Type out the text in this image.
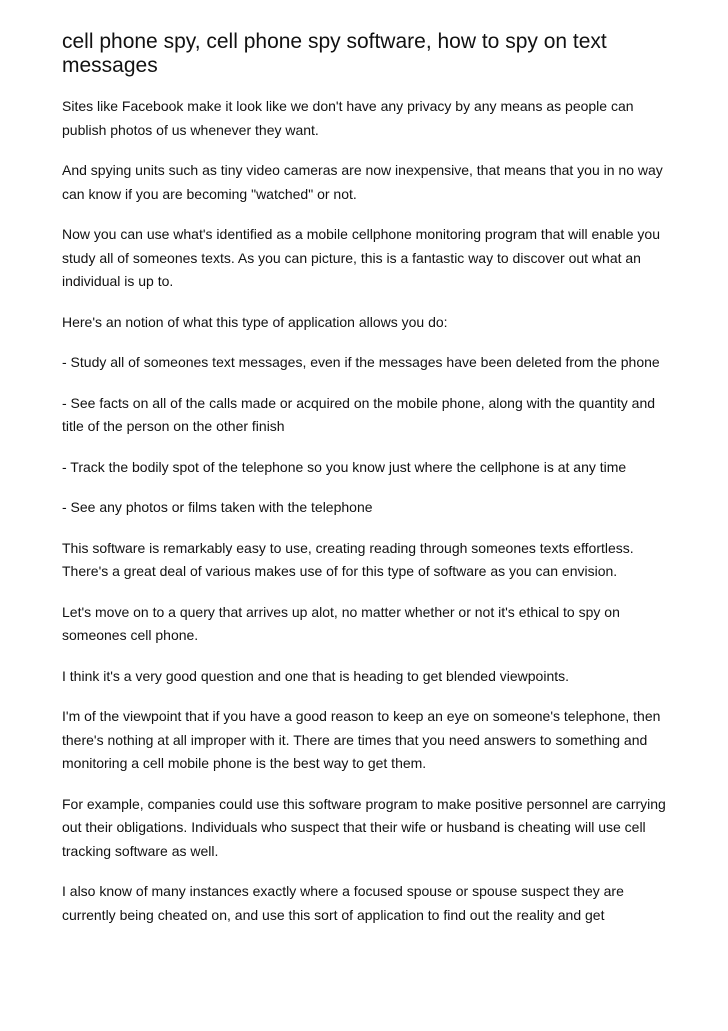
cell phone spy, cell phone spy software, how to spy on text messages

Sites like Facebook make it look like we don't have any privacy by any means as people can publish photos of us whenever they want.

And spying units such as tiny video cameras are now inexpensive, that means that you in no way can know if you are becoming "watched" or not.

Now you can use what's identified as a mobile cellphone monitoring program that will enable you study all of someones texts. As you can picture, this is a fantastic way to discover out what an individual is up to.

Here's an notion of what this type of application allows you do:

- Study all of someones text messages, even if the messages have been deleted from the phone

- See facts on all of the calls made or acquired on the mobile phone, along with the quantity and title of the person on the other finish

- Track the bodily spot of the telephone so you know just where the cellphone is at any time

- See any photos or films taken with the telephone

This software is remarkably easy to use, creating reading through someones texts effortless. There's a great deal of various makes use of for this type of software as you can envision.

Let's move on to a query that arrives up alot, no matter whether or not it's ethical to spy on someones cell phone.

I think it's a very good question and one that is heading to get blended viewpoints.

I'm of the viewpoint that if you have a good reason to keep an eye on someone's telephone, then there's nothing at all improper with it. There are times that you need answers to something and monitoring a cell mobile phone is the best way to get them.

For example, companies could use this software program to make positive personnel are carrying out their obligations. Individuals who suspect that their wife or husband is cheating will use cell tracking software as well.

I also know of many instances exactly where a focused spouse or spouse suspect they are currently being cheated on, and use this sort of application to find out the reality and get
